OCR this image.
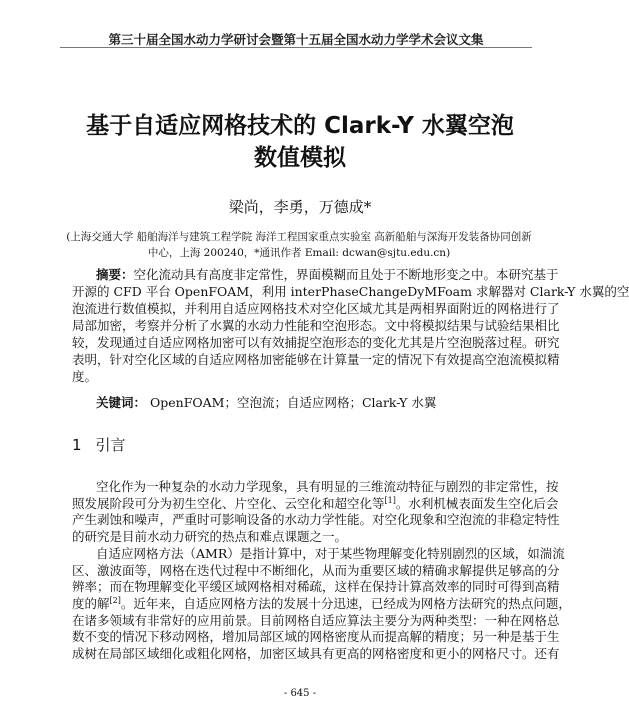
第三十届全国水动力学研讨会暨第十五届全国水动力学学术会议文集
基于自适应网格技术的 Clark-Y 水翼空泡
数值模拟
梁尚，李勇，万德成*
(上海交通大学 船舶海洋与建筑工程学院 海洋工程国家重点实验室 高新船舶与深海开发装备协同创新
中心，上海 200240，*通讯作者 Email: dcwan@sjtu.edu.cn)
摘要：空化流动具有高度非定常性，界面模糊而且处于不断地形变之中。本研究基于
开源的 CFD 平台 OpenFOAM，利用 interPhaseChangeDyMFoam 求解器对 Clark-Y 水翼的空
泡流进行数值模拟，并利用自适应网格技术对空化区域尤其是两相界面附近的网格进行了
局部加密，考察并分析了水翼的水动力性能和空泡形态。文中将模拟结果与试验结果相比
较，发现通过自适应网格加密可以有效捕捉空泡形态的变化尤其是片空泡脱落过程。研究
表明，针对空化区域的自适应网格加密能够在计算量一定的情况下有效提高空泡流模拟精
度。
关键词： OpenFOAM；空泡流；自适应网格；Clark-Y 水翼
1 引言
空化作为一种复杂的水动力学现象，具有明显的三维流动特征与剧烈的非定常性，按
照发展阶段可分为初生空化、片空化、云空化和超空化等[1]。水利机械表面发生空化后会
产生剥蚀和噪声，严重时可影响设备的水动力学性能。对空化现象和空泡流的非稳定特性
的研究是目前水动力研究的热点和难点课题之一。
自适应网格方法（AMR）是指计算中，对于某些物理解变化特别剧烈的区域，如湍流
区、激波面等，网格在迭代过程中不断细化，从而为重要区域的精确求解提供足够高的分
辨率；而在物理解变化平缓区域网格相对稀疏，这样在保持计算高效率的同时可得到高精
度的解[2]。近年来，自适应网格方法的发展十分迅速，已经成为网格方法研究的热点问题，
在诸多领域有非常好的应用前景。目前网格自适应算法主要分为两种类型：一种在网格总
数不变的情况下移动网格，增加局部区域的网格密度从而提高解的精度；另一种是基于生
成树在局部区域细化或粗化网格，加密区域具有更高的网格密度和更小的网格尺寸。还有
- 645 -
